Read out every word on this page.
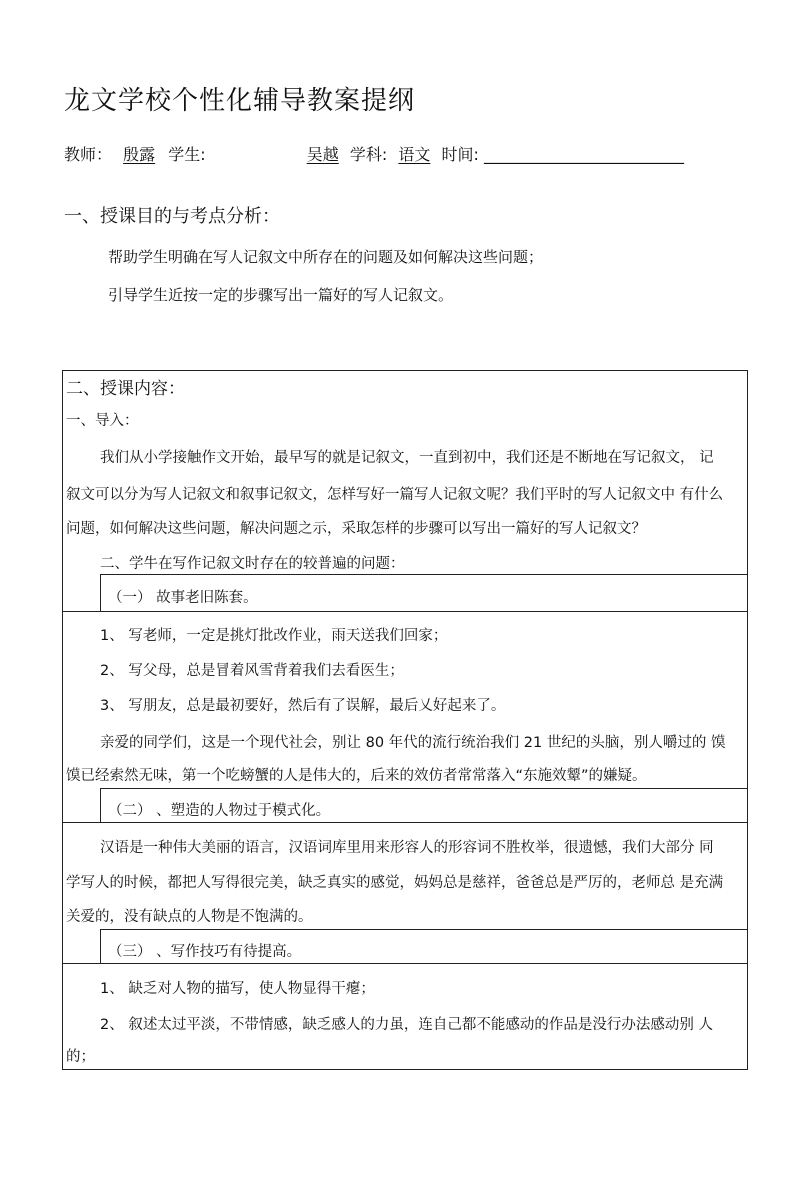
龙文学校个性化辅导教案提纲
教师： 殷露 学生:	吴越 学科: 语文 时间: _________________________
一、授课目的与考点分析：
帮助学生明确在写人记叙文中所存在的问题及如何解决这些问题；
引导学生近按一定的步骤写出一篇好的写人记叙文。
二、授课内容：
一、导入：
我们从小学接触作文开始，最早写的就是记叙文，一直到初中，我们还是不断地在写记叙文， 记
叙文可以分为写人记叙文和叙事记叙文，怎样写好一篇写人记叙文呢？我们平时的写人记叙文中 有什么
问题，如何解决这些问题，解决问题之示，采取怎样的步骤可以写出一篇好的写人记叙文？
二、学牛在写作记叙文时存在的较普遍的问题：
（一） 故事老旧陈套。
1、 写老师，一定是挑灯批改作业，雨天送我们回家；
2、 写父母，总是冒着风雪背着我们去看医生；
3、 写朋友，总是最初要好，然后有了误解，最后乂好起来了。
亲爱的同学们，这是一个现代社会，别让 80 年代的流行统治我们 21 世纪的头脑，别人嚼过的 馍
馍已经索然无味，第一个吃螃蟹的人是伟大的，后来的效仿者常常落入“东施效颦”的嫌疑。
（二） 、塑造的人物过于模式化。
汉语是一种伟大美丽的语言，汉语词库里用来形容人的形容词不胜枚举，很遗憾，我们大部分 同
学写人的时候，都把人写得很完美，缺乏真实的感觉，妈妈总是慈祥，爸爸总是严厉的，老师总 是充满
关爱的，没有缺点的人物是不饱满的。
（三） 、写作技巧有待提高。
1、 缺乏对人物的描写，使人物显得干瘪；
2、 叙述太过平淡，不带情感，缺乏感人的力虽，连自己都不能感动的作品是没行办法感动别 人
的；
